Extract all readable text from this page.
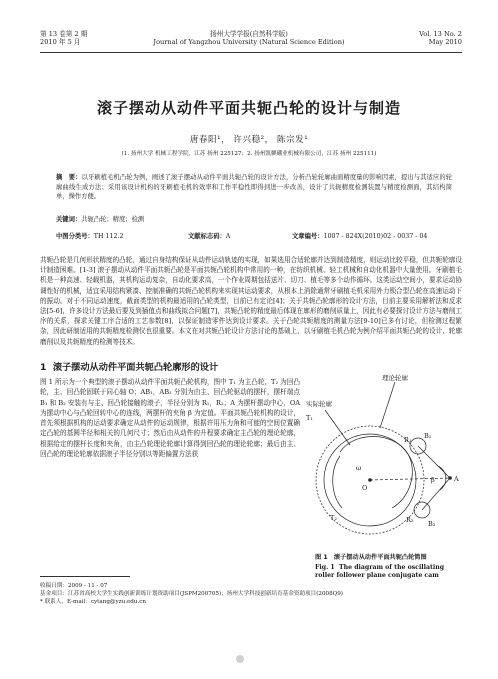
第 13 卷第 2 期
2010 年 5 月
扬州大学学报(自然科学版)
Journal of Yangzhou University (Natural Science Edition)
Vol. 13 No. 2
May 2010
滚子摆动从动件平面共轭凸轮的设计与制造
唐春阳¹， 许兴稳²， 陈宗发¹
(1. 扬州大学 机械工程学院，江苏 扬州 225127；2. 扬州凯麒硼业机械有限公司，江苏 扬州 225111)
摘　要：以牙刷植毛机凸轮为例，阐述了滚子摆动从动件平面共轭凸轮的设计方法，分析凸轮轮廓曲面精度量的影响因素，提出与其适应的轮廓曲线生成方法；采用该设计机构的牙刷植毛机的效率和工作平稳性即得到进一步改善，设计了共轭精度检测装置与精度检测面，其结构简单，操作方便。
关键词：共轭凸轮；精度；检测
中图分类号：TH 112.2	文献标志码：A	文章编号：1007 - 824X(2010)02 - 0037 - 04
共轭凸轮是几何形状精度的凸轮，通过自身结构保证从动件运动轨迹的实现，如果选用合适轮廓并达到制造精度，则运动比较平稳，但共轭轮廓设计制造困难。[1-3] 滚子摆动从动件平面共轭凸轮是平面共轭凸轮机构中常用的一种，在纺织机械、轻工机械和自动化机器中大量使用。牙刷植毛机是一种高速、轻载机器，其机构运动复杂，自动化要求高，一个作业周期包括送片、切刀、植毛等多个动作循环。这类运动空间小，要求运动协调性好的机械，适宜采用结构紧凑、控制准确的共轭凸轮机构来实现其运动要求，从根本上消除通常牙刷植毛机采用外力锁合型凸轮在高速运动下的振动。对于不同运动速度，截面类型的机构最适用的凸轮类型，目前已有定论[4]；关于共轭凸轮廓形的设计方法，目前主要采用解析法和反求法[5-6]，许多设计方法最后要及到插值点和曲线拟合问题[7]，共轭凸轮的精度最后体现在廓形的磨削质量上，因此有必要探讨设计方法与磨削工序的关系，探求关键工序合适的工艺参数[8]，以保证制造零件达到设计要求。关于凸轮共轭精度的测量方法[9-10]已多有讨论，但检测过程繁杂，因此研制适用的共轭精度检测仪也很重要。本文在对共轭凸轮设计方法讨论的基础上，以牙刷植毛机凸轮为例介绍平面共轭凸轮的设计、轮廓磨削以及共轭精度的检测等技术。
1 滚子摆动从动件平面共轭凸轮廓形的设计
图 1 所示为一个典型的滚子摆动从动件平面共轭凸轮机构，图中 T₁ 为主凸轮，T₂ 为回凸轮，主、回凸轮固联于同心轴 O；AB₁，AB₂ 分别为由主、回凸轮驱动的摆杆，摆杆端点 B₁ 和 B₂ 安装有与主、回凸轮接触的滚子，半径分别为 R₁，R₂；A 为摆杆摆动中心，OA 为摆动中心与凸轮回转中心的连线，两摆杆的夹角 β 为定值。平面共轭凸轮机构的设计，首先须根据机构的运动要求确定从动件的运动规律，根据许用压力角和可能的空间位置确定凸轮的基圆半径和相关的几何尺寸；然后由从动件的升程要求确定主凸轮的理论轮廓，根据给定的摆杆长度和夹角，由主凸轮理论轮廓计算得到回凸轮的理论轮廓；最后由主、回凸轮的理论轮廓依据滚子半径分别以等距偏置方法获
理论轮廓
实际轮廓
T₁
T₂
O
A
B₁
B₂
R₁
R₂
β
ω
图 1　滚子摆动从动件平面共轭凸轮简图
Fig. 1 The diagram of the oscillating roller follower plane conjugate cam
收稿日期：2009 - 11 - 07
基金项目：江苏省高校大学生实践创新训练计划资助项目(JSPM200705)；扬州大学科技创新培育基金资助项目(2008Q9)
* 联系人，E-mail：cytang@yzu.edu.cn
